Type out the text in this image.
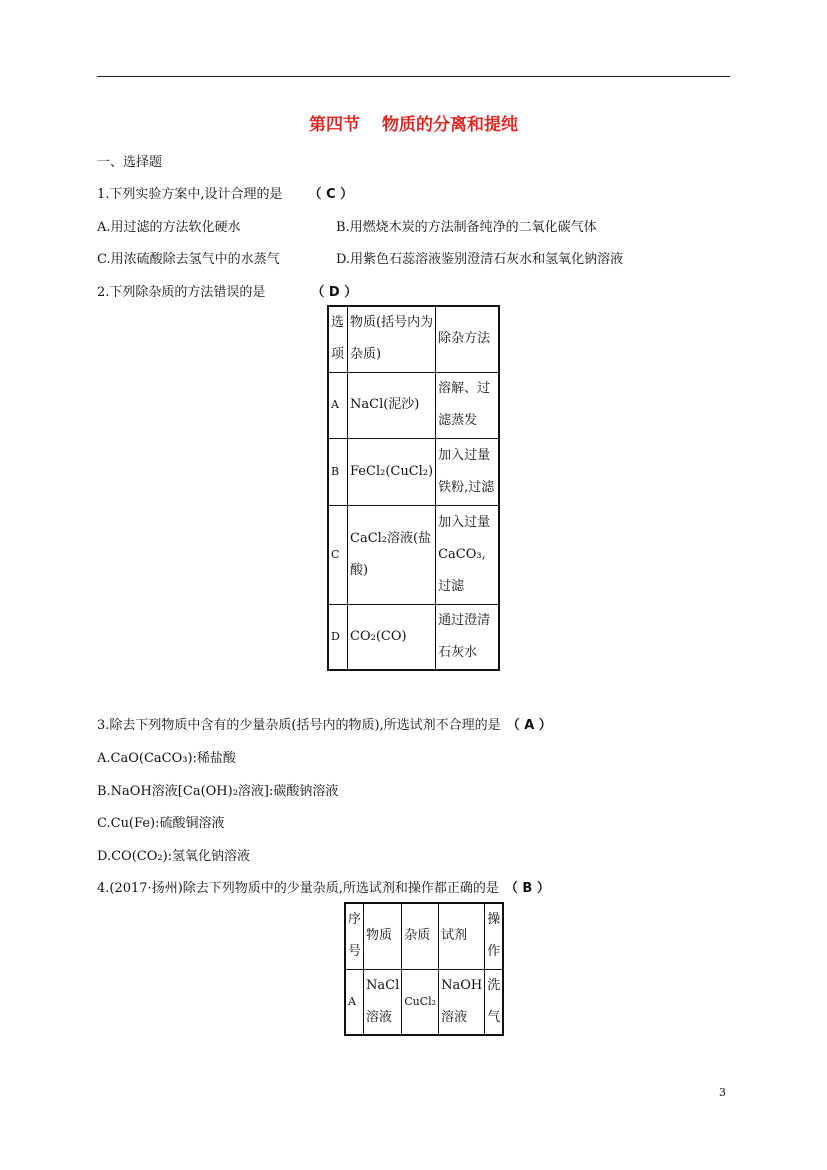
第四节 物质的分离和提纯
一、选择题
1.下列实验方案中,设计合理的是 （ C ）
A.用过滤的方法软化硬水	B.用燃烧木炭的方法制备纯净的二氧化碳气体
C.用浓硫酸除去氢气中的水蒸气	D.用紫色石蕊溶液鉴别澄清石灰水和氢氧化钠溶液
2.下列除杂质的方法错误的是	（ D ）
选项	物质(括号内为杂质)	除杂方法
A	NaCl(泥沙)	溶解、过滤蒸发
B	FeCl₂(CuCl₂)	加入过量铁粉,过滤
C	CaCl₂溶液(盐酸)	加入过量CaCO₃,过滤
D	CO₂(CO)	通过澄清石灰水
3.除去下列物质中含有的少量杂质(括号内的物质),所选试剂不合理的是 （ A ）
A.CaO(CaCO₃):稀盐酸
B.NaOH溶液[Ca(OH)₂溶液]:碳酸钠溶液
C.Cu(Fe):硫酸铜溶液
D.CO(CO₂):氢氧化钠溶液
4.(2017·扬州)除去下列物质中的少量杂质,所选试剂和操作都正确的是 （ B ）
序号	物质	杂质	试剂	操作
A	NaCl溶液	CuCl₂	NaOH溶液	洗气
3
